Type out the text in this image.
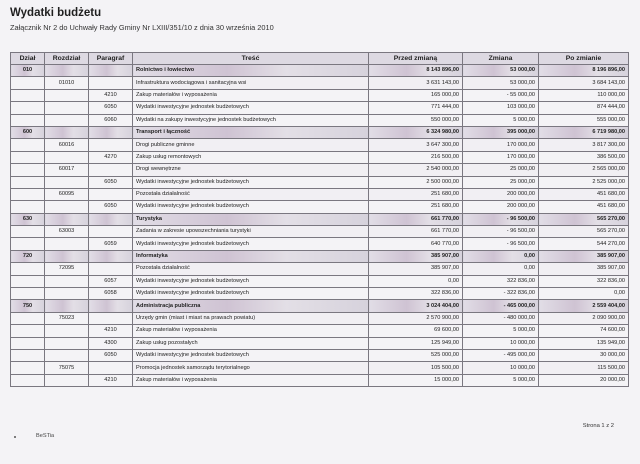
Wydatki budżetu
Załącznik Nr 2 do Uchwały Rady Gminy Nr LXIII/351/10 z dnia 30 września 2010
Dział	Rozdział	Paragraf	Treść	Przed zmianą	Zmiana	Po zmianie
010			Rolnictwo i łowiectwo	8 143 896,00	53 000,00	8 196 896,00
	01010		Infrastruktura wodociągowa i sanitacyjna wsi	3 631 143,00	53 000,00	3 684 143,00
		4210	Zakup materiałów i wyposażenia	165 000,00	- 55 000,00	110 000,00
		6050	Wydatki inwestycyjne jednostek budżetowych	771 444,00	103 000,00	874 444,00
		6060	Wydatki na zakupy inwestycyjne jednostek budżetowych	550 000,00	5 000,00	555 000,00
600			Transport i łączność	6 324 980,00	395 000,00	6 719 980,00
	60016		Drogi publiczne gminne	3 647 300,00	170 000,00	3 817 300,00
		4270	Zakup usług remontowych	216 500,00	170 000,00	386 500,00
	60017		Drogi wewnętrzne	2 540 000,00	25 000,00	2 565 000,00
		6050	Wydatki inwestycyjne jednostek budżetowych	2 500 000,00	25 000,00	2 525 000,00
	60095		Pozostała działalność	251 680,00	200 000,00	451 680,00
		6050	Wydatki inwestycyjne jednostek budżetowych	251 680,00	200 000,00	451 680,00
630			Turystyka	661 770,00	- 96 500,00	565 270,00
	63003		Zadania w zakresie upowszechniania turystyki	661 770,00	- 96 500,00	565 270,00
		6059	Wydatki inwestycyjne jednostek budżetowych	640 770,00	- 96 500,00	544 270,00
720			Informatyka	385 907,00	0,00	385 907,00
	72095		Pozostała działalność	385 907,00	0,00	385 907,00
		6057	Wydatki inwestycyjne jednostek budżetowych	0,00	322 836,00	322 836,00
		6058	Wydatki inwestycyjne jednostek budżetowych	322 836,00	- 322 836,00	0,00
750			Administracja publiczna	3 024 404,00	- 465 000,00	2 559 404,00
	75023		Urzędy gmin (miast i miast na prawach powiatu)	2 570 900,00	- 480 000,00	2 090 900,00
		4210	Zakup materiałów i wyposażenia	69 600,00	5 000,00	74 600,00
		4300	Zakup usług pozostałych	125 949,00	10 000,00	135 949,00
		6050	Wydatki inwestycyjne jednostek budżetowych	525 000,00	- 495 000,00	30 000,00
	75075		Promocja jednostek samorządu terytorialnego	105 500,00	10 000,00	115 500,00
		4210	Zakup materiałów i wyposażenia	15 000,00	5 000,00	20 000,00
Strona 1 z 2
BeSTia
